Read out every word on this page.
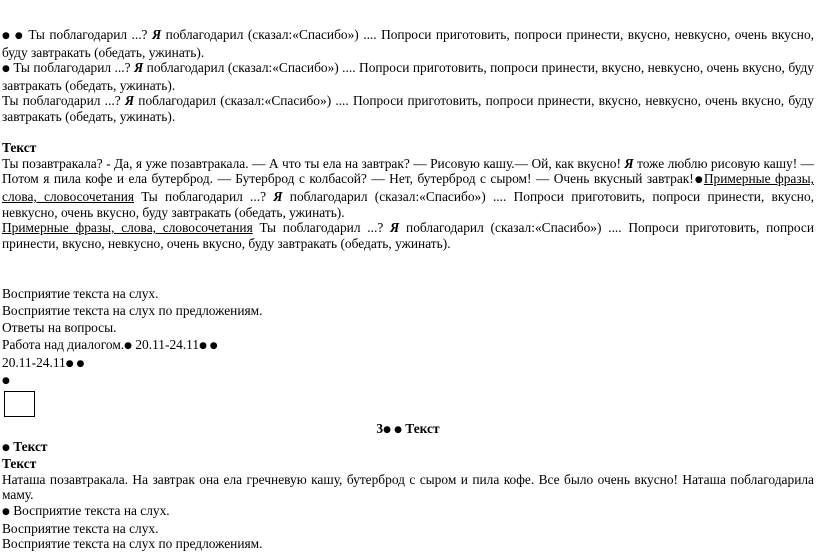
● ● Ты поблагодарил ...? Я поблагодарил (сказал:«Спасибо») .... Попроси приготовить, попроси принести, вкусно, невкусно, очень вкусно, буду завтракать (обедать, ужинать).

● Ты поблагодарил ...? Я поблагодарил (сказал:«Спасибо») .... Попроси приготовить, попроси принести, вкусно, невкусно, очень вкусно, буду завтракать (обедать, ужинать).

Ты поблагодарил ...? Я поблагодарил (сказал:«Спасибо») .... Попроси приготовить, попроси принести, вкусно, невкусно, очень вкусно, буду завтракать (обедать, ужинать).

Текст

Ты позавтракала? - Да, я уже позавтракала. — А что ты ела на завтрак? — Рисовую кашу.— Ой, как вкусно! Я тоже люблю рисовую кашу! — Потом я пила кофе и ела бутерброд. — Бутерброд с колбасой? — Нет, бутерброд с сыром! — Очень вкусный завтрак!●Примерные фразы, слова, словосочетания Ты поблагодарил ...? Я поблагодарил (сказал:«Спасибо») .... Попроси приготовить, попроси принести, вкусно, невкусно, очень вкусно, буду завтракать (обедать, ужинать).

Примерные фразы, слова, словосочетания Ты поблагодарил ...? Я поблагодарил (сказал:«Спасибо») .... Попроси приготовить, попроси принести, вкусно, невкусно, очень вкусно, буду завтракать (обедать, ужинать).

Восприятие текста на слух.

Восприятие текста на слух по предложениям.

Ответы на вопросы.

Работа над диалогом.● 20.11-24.11● ●

20.11-24.11● ●

●

3● ● Текст

● Текст

Текст

Наташа позавтракала. На завтрак она ела гречневую кашу, бутерброд с сыром и пила кофе. Все было очень вкусно! Наташа поблагодарила маму.

● Восприятие текста на слух.

Восприятие текста на слух.

Восприятие текста на слух по предложениям.
